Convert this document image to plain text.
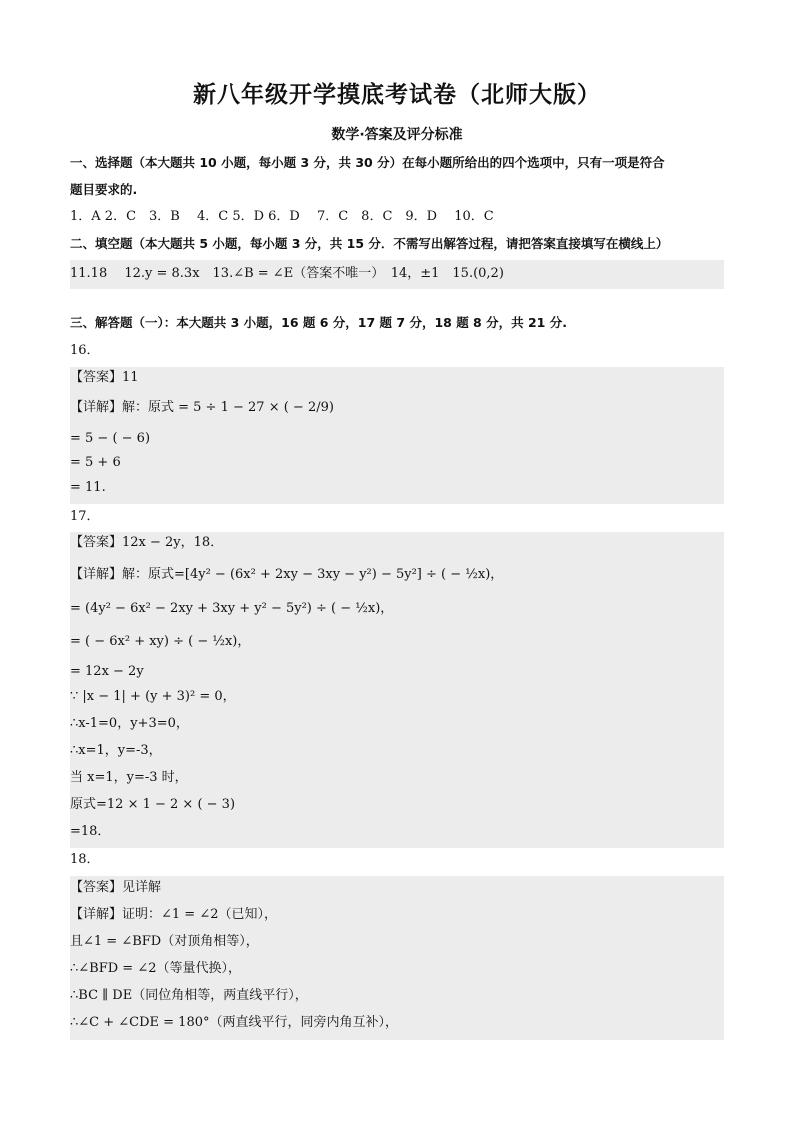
新八年级开学摸底考试卷（北师大版）
数学·答案及评分标准
一、选择题（本大题共 10 小题，每小题 3 分，共 30 分）在每小题所给出的四个选项中，只有一项是符合
题目要求的.
1．A 2．C　3．B　 4．C 5．D 6．D　 7．C　8．C　9．D　 10．C
二、填空题（本大题共 5 小题，每小题 3 分，共 15 分．不需写出解答过程，请把答案直接填写在横线上）
11.18　 12.y = 8.3x　13.∠B = ∠E（答案不唯一）　14，±1　15.(0,2)
三、解答题（一）：本大题共 3 小题，16 题 6 分，17 题 7 分，18 题 8 分，共 21 分.
16．
【答案】11
【详解】解：原式 = 5 ÷ 1 − 27 × ( − 2/9)
= 5 − ( − 6)
= 5 + 6
= 11.
17．
【答案】12x − 2y，18．
【详解】解：原式=[4y² − (6x² + 2xy − 3xy − y²) − 5y²] ÷ ( − ½x)，
= (4y² − 6x² − 2xy + 3xy + y² − 5y²) ÷ ( − ½x)，
= ( − 6x² + xy) ÷ ( − ½x)，
= 12x − 2y
∵ |x − 1| + (y + 3)² = 0，
∴x-1=0，y+3=0，
∴x=1，y=-3，
当 x=1，y=-3 时，
原式=12 × 1 − 2 × ( − 3)
=18．
18．
【答案】见详解
【详解】证明：∠1 = ∠2（已知），
且∠1 = ∠BFD（对顶角相等），
∴∠BFD = ∠2（等量代换），
∴BC ∥ DE（同位角相等，两直线平行），
∴∠C + ∠CDE = 180°（两直线平行，同旁内角互补），
